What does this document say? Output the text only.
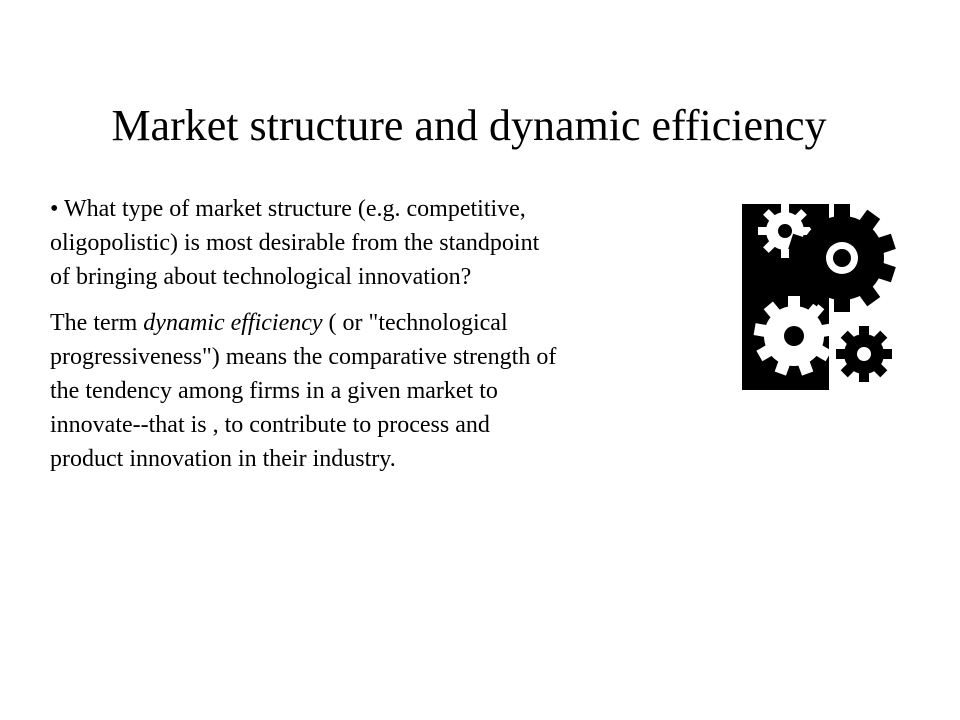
Market structure and dynamic efficiency

• What type of market structure (e.g. competitive,
oligopolistic) is most desirable from the standpoint
of bringing about technological innovation?

The term dynamic efficiency ( or "technological
progressiveness") means the comparative strength of
the tendency among firms in a given market to
innovate--that is , to contribute to process and
product innovation in their industry.
